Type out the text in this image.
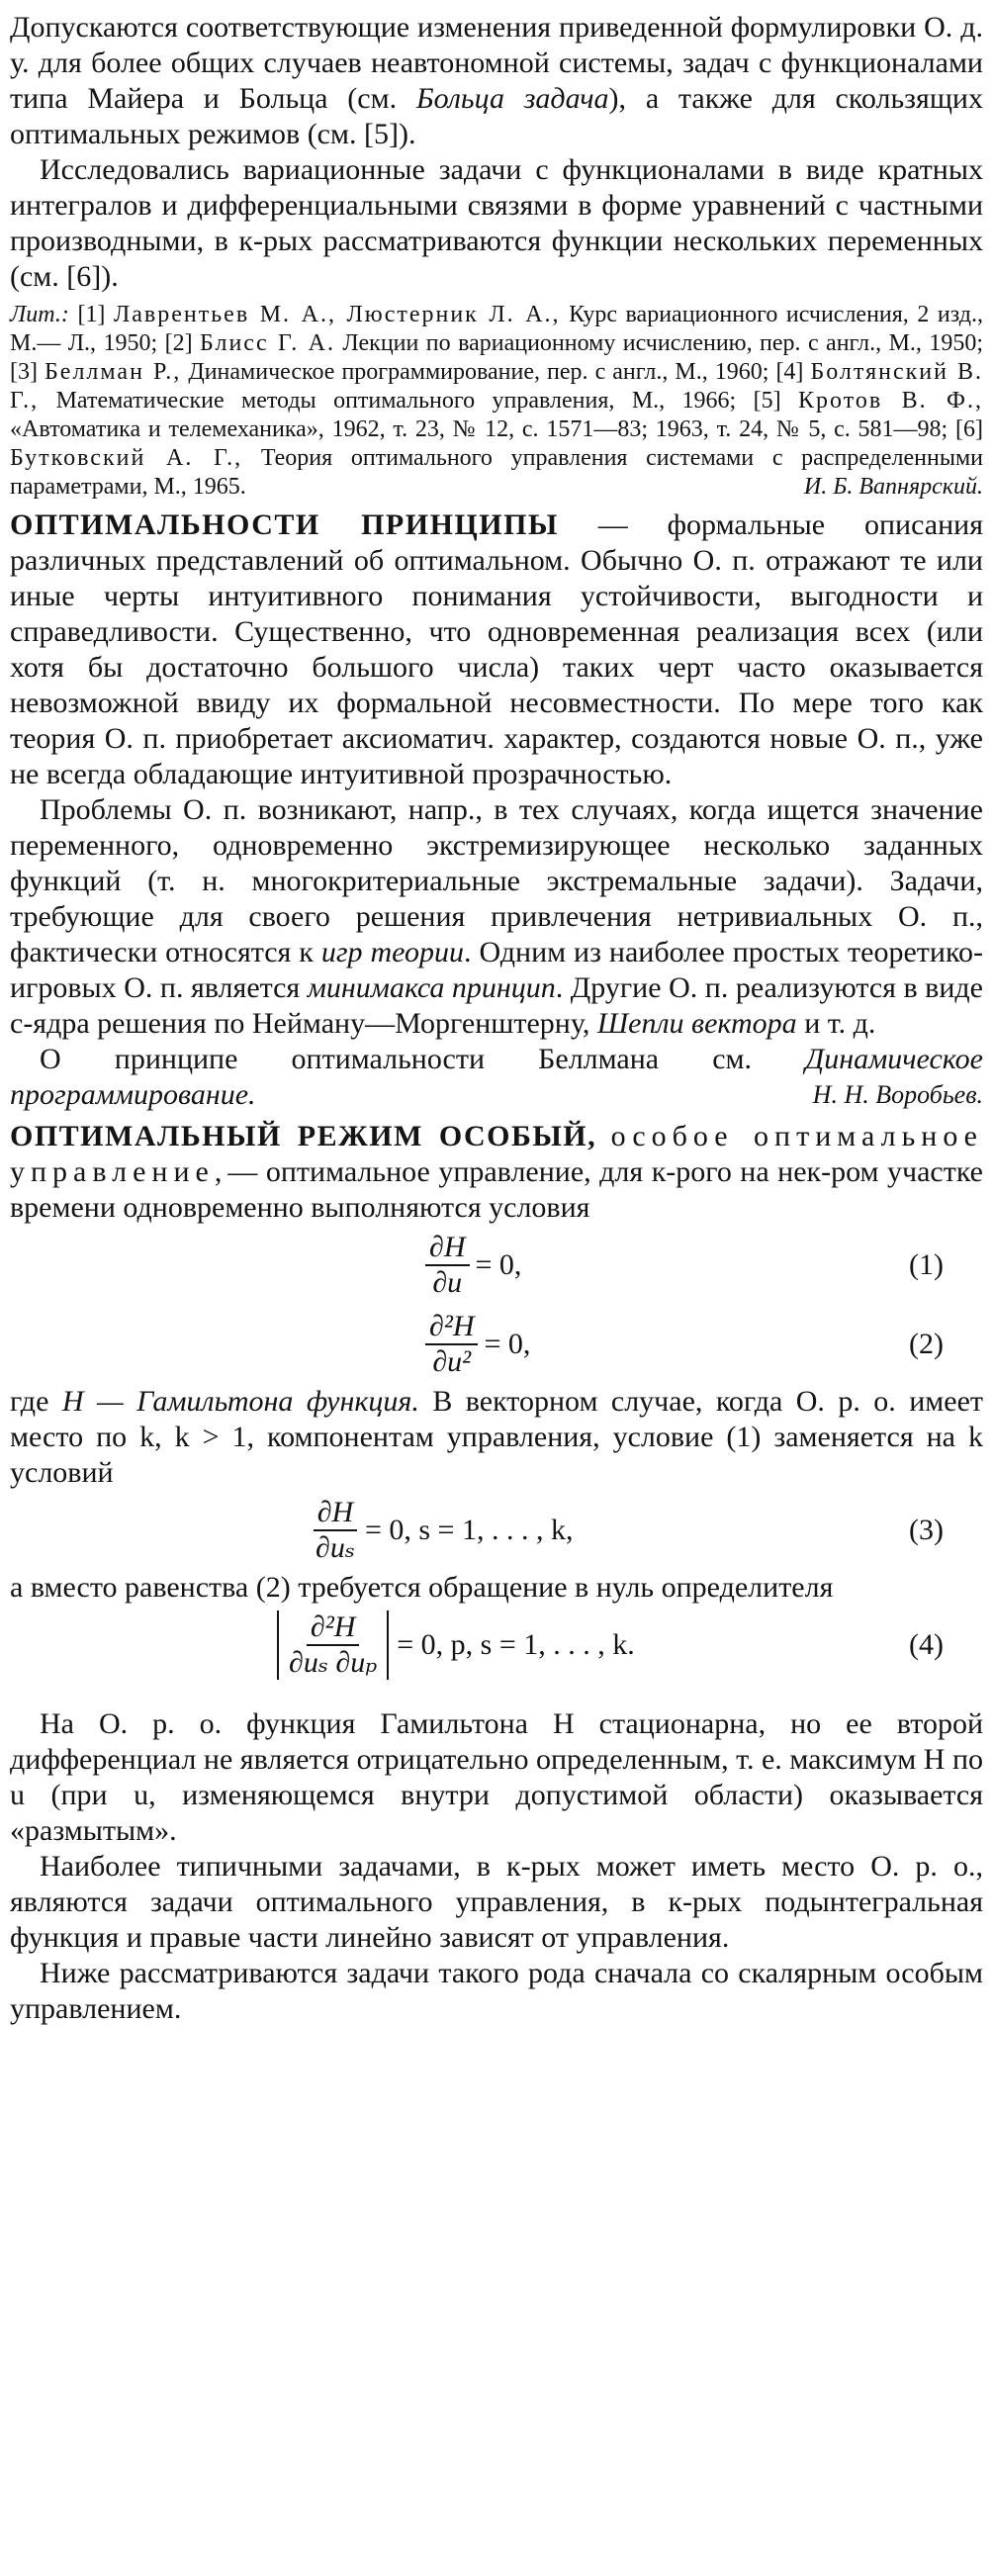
Допускаются соответствующие изменения приведенной формулировки О. д. у. для более общих случаев неавтономной системы, задач с функционалами типа Майера и Больца (см. Больца задача), а также для скользящих оптимальных режимов (см. [5]).

Исследовались вариационные задачи с функционалами в виде кратных интегралов и дифференциальными связями в форме уравнений с частными производными, в к-рых рассматриваются функции нескольких переменных (см. [6]).

Лит.: [1] Лаврентьев М. А., Люстерник Л. А., Курс вариационного исчисления, 2 изд., М.— Л., 1950; [2] Блисс Г. А. Лекции по вариационному исчислению, пер. с англ., М., 1950; [3] Беллман Р., Динамическое программирование, пер. с англ., М., 1960; [4] Болтянский В. Г., Математические методы оптимального управления, М., 1966; [5] Кротов В. Ф., «Автоматика и телемеханика», 1962, т. 23, № 12, с. 1571—83; 1963, т. 24, № 5, с. 581—98; [6] Бутковский А. Г., Теория оптимального управления системами с распределенными параметрами, М., 1965.	И. Б. Вапнярский.

ОПТИМАЛЬНОСТИ ПРИНЦИПЫ — формальные описания различных представлений об оптимальном. Обычно О. п. отражают те или иные черты интуитивного понимания устойчивости, выгодности и справедливости. Существенно, что одновременная реализация всех (или хотя бы достаточно большого числа) таких черт часто оказывается невозможной ввиду их формальной несовместности. По мере того как теория О. п. приобретает аксиоматич. характер, создаются новые О. п., уже не всегда обладающие интуитивной прозрачностью.

Проблемы О. п. возникают, напр., в тех случаях, когда ищется значение переменного, одновременно экстремизирующее несколько заданных функций (т. н. многокритериальные экстремальные задачи). Задачи, требующие для своего решения привлечения нетривиальных О. п., фактически относятся к игр теории. Одним из наиболее простых теоретико-игровых О. п. является минимакса принцип. Другие О. п. реализуются в виде с-ядра решения по Нейману—Моргенштерну, Шепли вектора и т. д.

О принципе оптимальности Беллмана см. Динамическое программирование.	Н. Н. Воробьев.

ОПТИМАЛЬНЫЙ РЕЖИМ ОСОБЫЙ, особое оптимальное управление,— оптимальное управление, для к-рого на нек-ром участке времени одновременно выполняются условия

$\frac{\partial H}{\partial u} = 0$,	(1)
$\frac{\text{∂²H}}{\text{∂u²}} = 0$,	(2)

где H — Гамильтона функция. В векторном случае, когда О. р. о. имеет место по k, k > 1, компонентам управления, условие (1) заменяется на k условий

$\frac{\partial H}{\text{∂uₛ}} = 0$, s = 1, . . . , k,	(3)

а вместо равенства (2) требуется обращение в нуль определителя

$\frac{\text{∂²H}}{\text{∂uₛ ∂uₚ}} = 0$, p, s = 1, . . . , k.	(4)

На О. р. о. функция Гамильтона H стационарна, но ее второй дифференциал не является отрицательно определенным, т. е. максимум H по u (при u, изменяющемся внутри допустимой области) оказывается «размытым».

Наиболее типичными задачами, в к-рых может иметь место О. р. о., являются задачи оптимального управления, в к-рых подынтегральная функция и правые части линейно зависят от управления.

Ниже рассматриваются задачи такого рода сначала со скалярным особым управлением.
